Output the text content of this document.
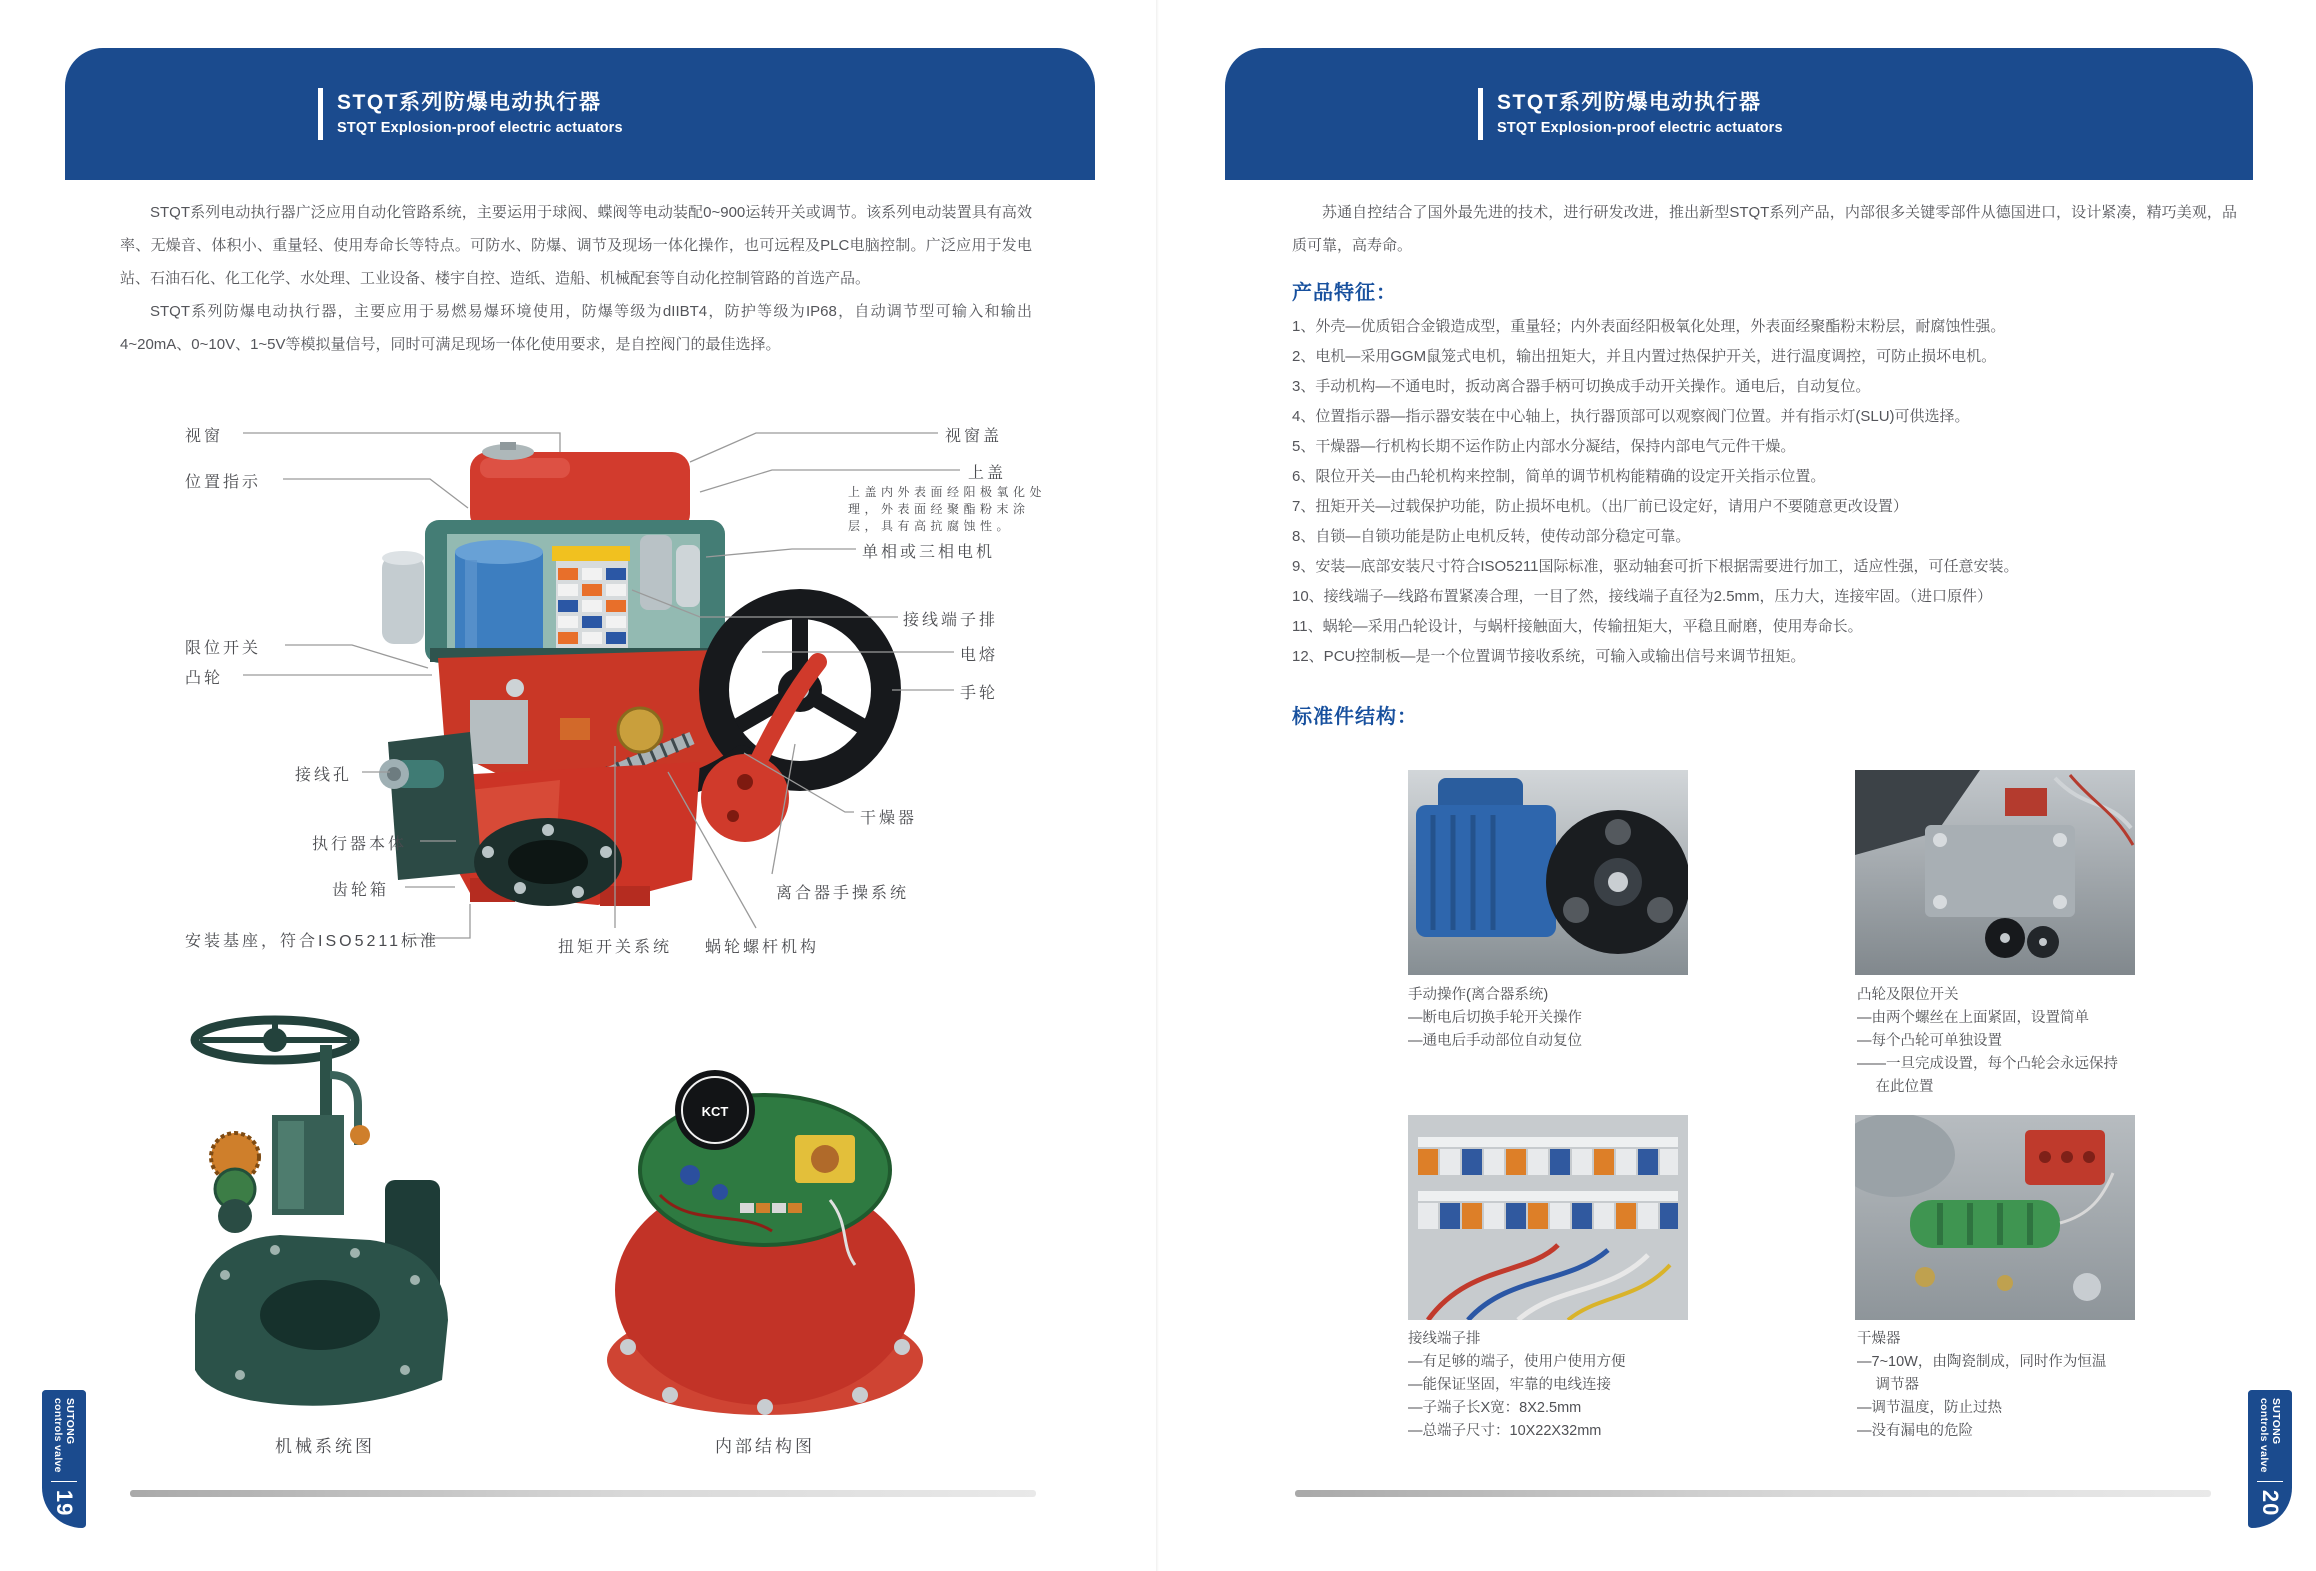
STQT系列防爆电动执行器
STQT Explosion-proof electric actuators

STQT系列电动执行器广泛应用自动化管路系统，主要运用于球阀、蝶阀等电动装配0~900运转开关或调节。该系列电动装置具有高效率、无燥音、体积小、重量轻、使用寿命长等特点。可防水、防爆、调节及现场一体化操作，也可远程及PLC电脑控制。广泛应用于发电站、石油石化、化工化学、水处理、工业设备、楼宇自控、造纸、造船、机械配套等自动化控制管路的首选产品。

STQT系列防爆电动执行器，主要应用于易燃易爆环境使用，防爆等级为dIIBT4，防护等级为IP68，自动调节型可输入和输出4~20mA、0~10V、1~5V等模拟量信号，同时可满足现场一体化使用要求，是自控阀门的最佳选择。

视窗
位置指示
限位开关
凸轮
接线孔
执行器本体
齿轮箱
安装基座，符合ISO5211标准
视窗盖
上盖
上盖内外表面经阳极氧化处理，外表面经聚酯粉末涂层，具有高抗腐蚀性。
单相或三相电机
接线端子排
电熔
手轮
干燥器
离合器手操系统
扭矩开关系统 蜗轮螺杆机构
KCT
机械系统图	内部结构图
SUTONG
controls valve
19
STQT系列防爆电动执行器
STQT Explosion-proof electric actuators

苏通自控结合了国外最先进的技术，进行研发改进，推出新型STQT系列产品，内部很多关键零部件从德国进口，设计紧凑，精巧美观，品质可靠，高寿命。

产品特征：
1、外壳—优质铝合金锻造成型，重量轻；内外表面经阳极氧化处理，外表面经聚酯粉末粉层，耐腐蚀性强。
2、电机—采用GGM鼠笼式电机，输出扭矩大，并且内置过热保护开关，进行温度调控，可防止损坏电机。
3、手动机构—不通电时，扳动离合器手柄可切换成手动开关操作。通电后，自动复位。
4、位置指示器—指示器安装在中心轴上，执行器顶部可以观察阀门位置。并有指示灯(SLU)可供选择。
5、干燥器—行机构长期不运作防止内部水分凝结，保持内部电气元件干燥。
6、限位开关—由凸轮机构来控制，简单的调节机构能精确的设定开关指示位置。
7、扭矩开关—过载保护功能，防止损坏电机。（出厂前已设定好，请用户不要随意更改设置）
8、自锁—自锁功能是防止电机反转，使传动部分稳定可靠。
9、安装—底部安装尺寸符合ISO5211国际标准，驱动轴套可折下根据需要进行加工，适应性强，可任意安装。
10、接线端子—线路布置紧凑合理，一目了然，接线端子直径为2.5mm，压力大，连接牢固。（进口原件）
11、蜗轮—采用凸轮设计，与蜗杆接触面大，传输扭矩大，平稳且耐磨，使用寿命长。
12、PCU控制板—是一个位置调节接收系统，可输入或输出信号来调节扭矩。
标准件结构：
手动操作(离合器系统)
—断电后切换手轮开关操作
—通电后手动部位自动复位
凸轮及限位开关
—由两个螺丝在上面紧固，设置简单
—每个凸轮可单独设置
——一旦完成设置，每个凸轮会永远保持
　 在此位置
接线端子排
—有足够的端子，使用户使用方便
—能保证坚固，牢靠的电线连接
—子端子长X宽：8X2.5mm
—总端子尺寸：10X22X32mm
干燥器
—7~10W，由陶瓷制成，同时作为恒温
　 调节器
—调节温度，防止过热
—没有漏电的危险	SUTONG
controls valve
20
